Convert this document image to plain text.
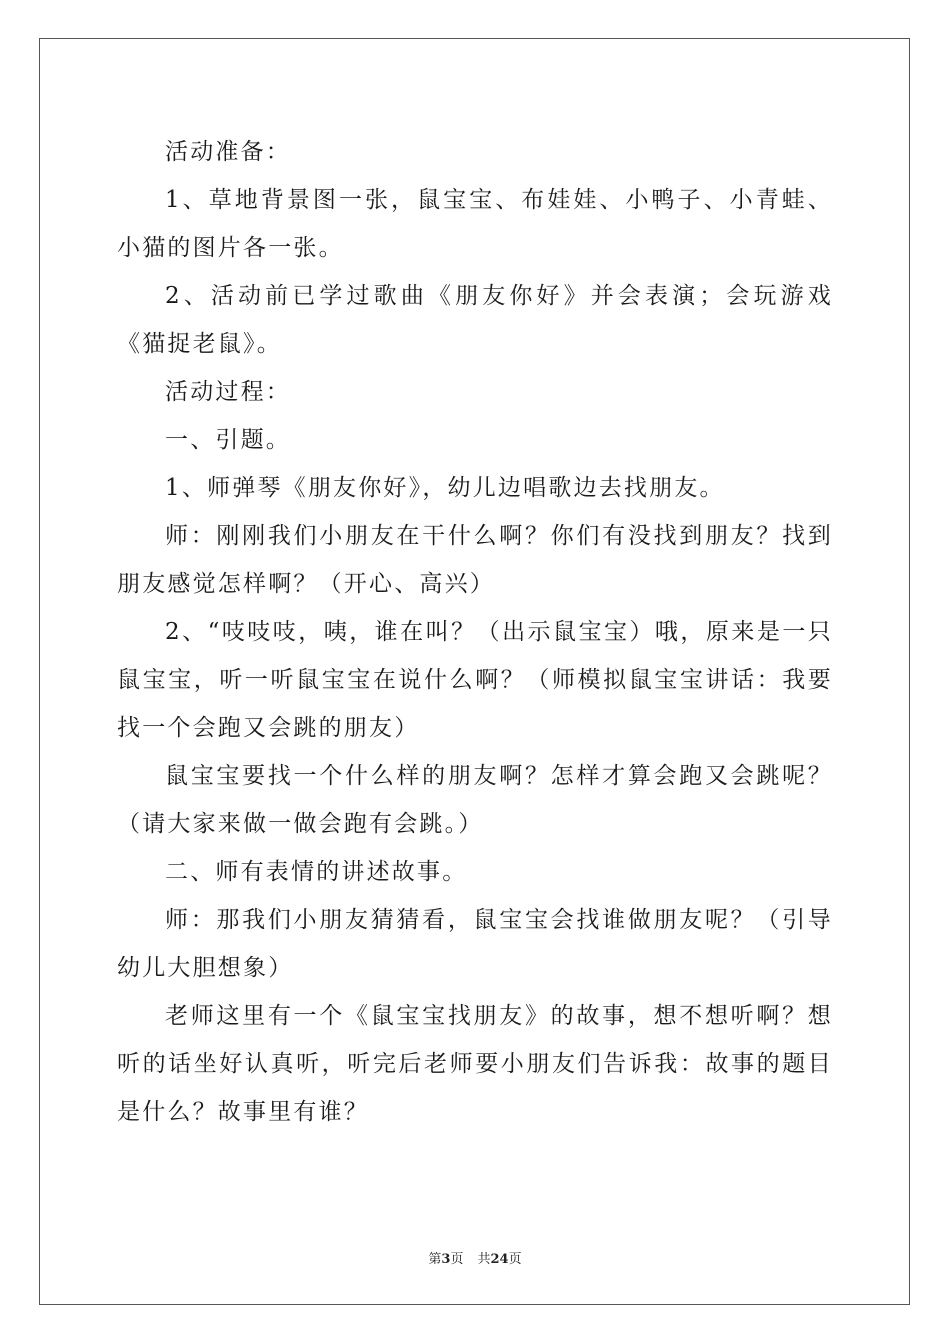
活动准备：

1、草地背景图一张，鼠宝宝、布娃娃、小鸭子、小青蛙、小猫的图片各一张。

2、活动前已学过歌曲《朋友你好》并会表演；会玩游戏《猫捉老鼠》。

活动过程：

一、引题。

1、师弹琴《朋友你好》，幼儿边唱歌边去找朋友。

师：刚刚我们小朋友在干什么啊？你们有没找到朋友？找到朋友感觉怎样啊？（开心、高兴）

2、“吱吱吱，咦，谁在叫？（出示鼠宝宝）哦，原来是一只鼠宝宝，听一听鼠宝宝在说什么啊？（师模拟鼠宝宝讲话：我要找一个会跑又会跳的朋友）

鼠宝宝要找一个什么样的朋友啊？怎样才算会跑又会跳呢？（请大家来做一做会跑有会跳。）

二、师有表情的讲述故事。

师：那我们小朋友猜猜看，鼠宝宝会找谁做朋友呢？（引导幼儿大胆想象）

老师这里有一个《鼠宝宝找朋友》的故事，想不想听啊？想听的话坐好认真听，听完后老师要小朋友们告诉我：故事的题目是什么？故事里有谁？

第3页 共24页
